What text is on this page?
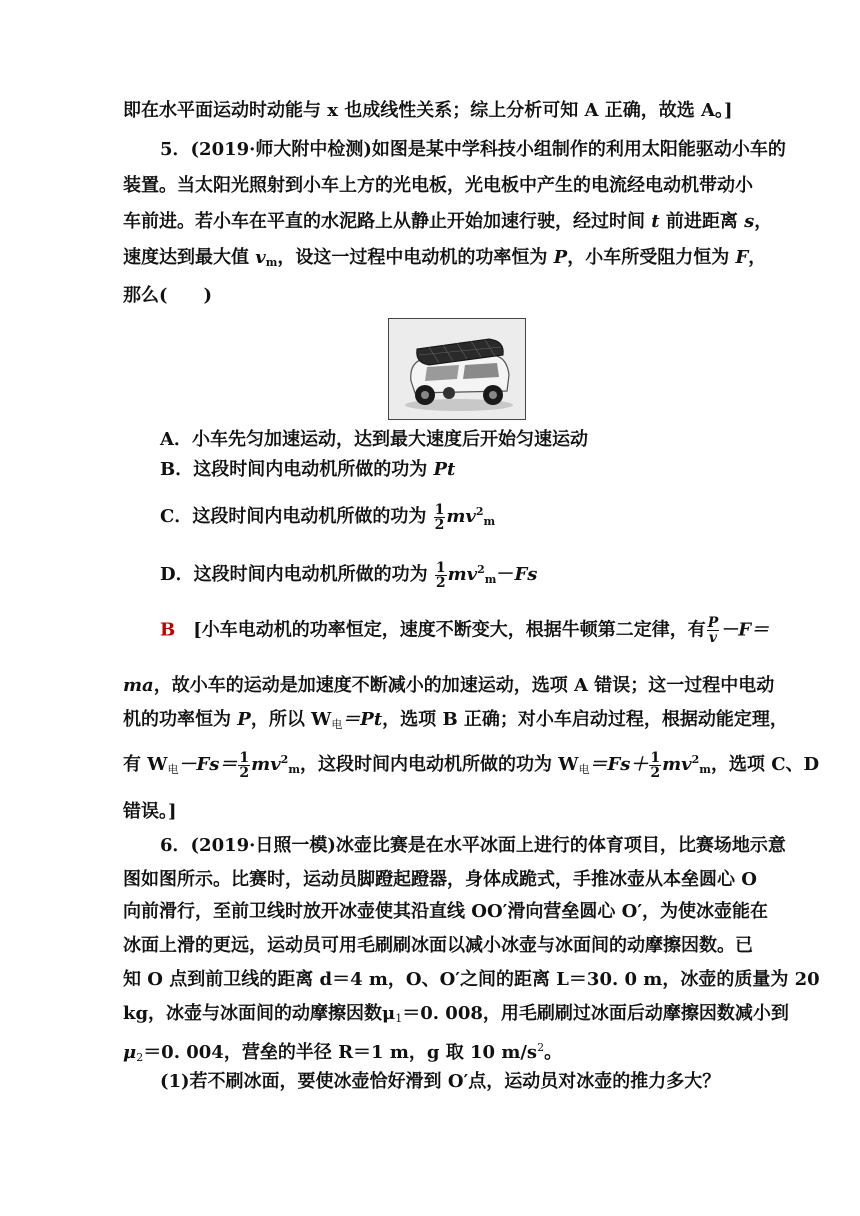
即在水平面运动时动能与 x 也成线性关系；综上分析可知 A 正确，故选 A。]
5．(2019·师大附中检测)如图是某中学科技小组制作的利用太阳能驱动小车的
装置。当太阳光照射到小车上方的光电板，光电板中产生的电流经电动机带动小
车前进。若小车在平直的水泥路上从静止开始加速行驶，经过时间 t 前进距离 s，
速度达到最大值 $v_m$，设这一过程中电动机的功率恒为 P，小车所受阻力恒为 F，
那么(　　)
A．小车先匀加速运动，达到最大速度后开始匀速运动
B．这段时间内电动机所做的功为 Pt
C．这段时间内电动机所做的功为 $\frac{1}{2} mv^2_m$
D．这段时间内电动机所做的功为 $\frac{1}{2} mv^2_m-Fs$
B　 [小车电动机的功率恒定，速度不断变大，根据牛顿第二定律，有 $\frac{P}{v} -F=$
ma，故小车的运动是加速度不断减小的加速运动，选项 A 错误；这一过程中电动
机的功率恒为 P，所以 $W_电=Pt$，选项 B 正确；对小车启动过程，根据动能定理，
有 $W_电-Fs= \frac{1}{2} mv^2_m$，这段时间内电动机所做的功为 $W_电=Fs+ \frac{1}{2} mv^2_m$，选项 C、D
错误。]
6．(2019·日照一模)冰壶比赛是在水平冰面上进行的体育项目，比赛场地示意
图如图所示。比赛时，运动员脚蹬起蹬器，身体成跪式，手推冰壶从本垒圆心 O
向前滑行，至前卫线时放开冰壶使其沿直线 OO′滑向营垒圆心 O′，为使冰壶能在
冰面上滑的更远，运动员可用毛刷刷冰面以减小冰壶与冰面间的动摩擦因数。已
知 O 点到前卫线的距离 d＝4 m，O、O′之间的距离 L＝30. 0 m，冰壶的质量为 20
kg，冰壶与冰面间的动摩擦因数$\mu_1=0$. 008，用毛刷刷过冰面后动摩擦因数减小到
$\mu_2=0$. 004，营垒的半径 R＝1 m，g 取 10 $m/s^2$。
(1)若不刷冰面，要使冰壶恰好滑到 O′点，运动员对冰壶的推力多大？
